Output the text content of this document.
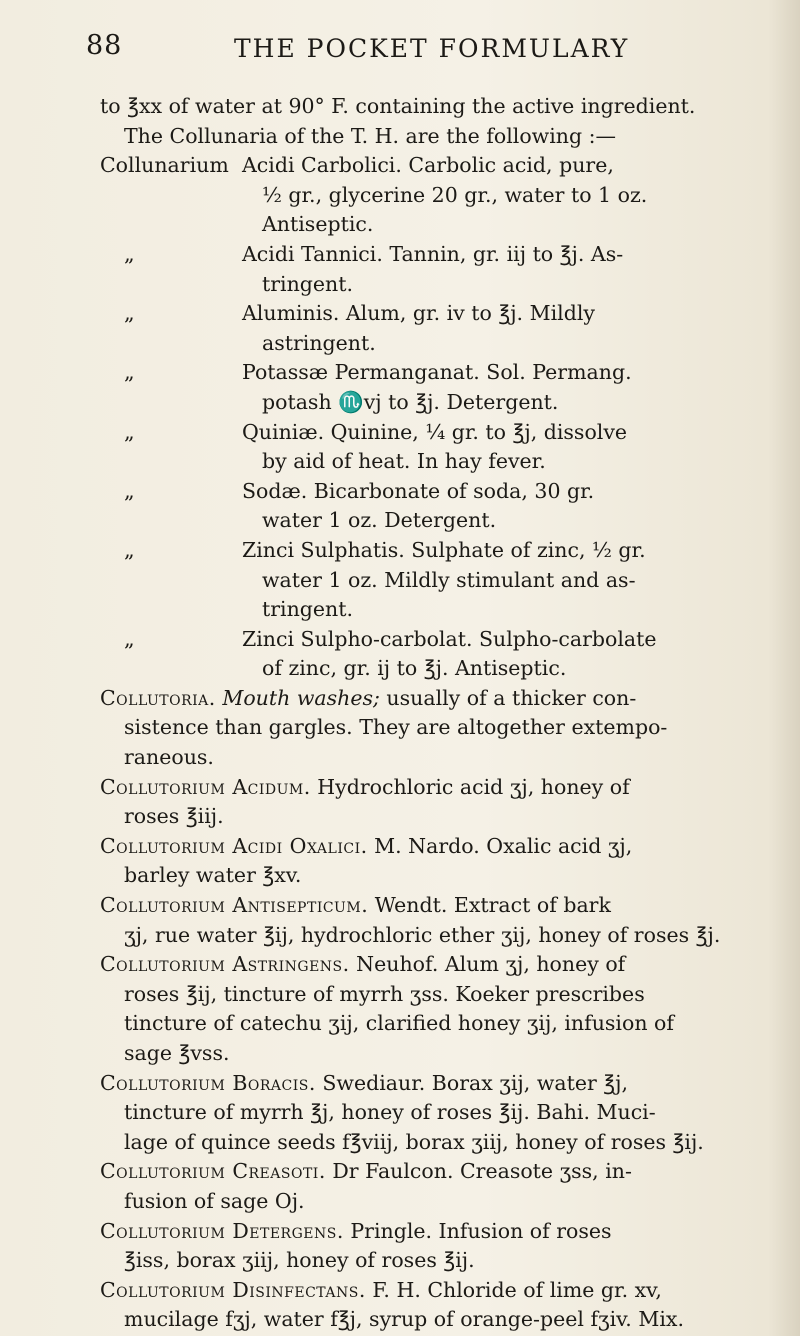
88	THE POCKET FORMULARY
to ℥xx of water at 90° F. containing the active ingredient.
The Collunaria of the T. H. are the following :—
Collunarium Acidi Carbolici. Carbolic acid, pure,
½ gr., glycerine 20 gr., water to 1 oz.
Antiseptic.
„	Acidi Tannici. Tannin, gr. iij to ℥j. As-
tringent.
„	Aluminis. Alum, gr. iv to ℥j. Mildly
astringent.
„	Potassæ Permanganat. Sol. Permang.
potash ♏vj to ℥j. Detergent.
„	Quiniæ. Quinine, ¼ gr. to ℥j, dissolve
by aid of heat. In hay fever.
„	Sodæ. Bicarbonate of soda, 30 gr.
water 1 oz. Detergent.
„	Zinci Sulphatis. Sulphate of zinc, ½ gr.
water 1 oz. Mildly stimulant and as-
tringent.
„	Zinci Sulpho-carbolat. Sulpho-carbolate
of zinc, gr. ij to ℥j. Antiseptic.
Collutoria. Mouth washes; usually of a thicker con-
sistence than gargles. They are altogether extempo-
raneous.
Collutorium Acidum. Hydrochloric acid ʒj, honey of
roses ℥iij.
Collutorium Acidi Oxalici. M. Nardo. Oxalic acid ʒj,
barley water ℥xv.
Collutorium Antisepticum. Wendt. Extract of bark
ʒj, rue water ℥ij, hydrochloric ether ʒij, honey of roses ℥j.
Collutorium Astringens. Neuhof. Alum ʒj, honey of
roses ℥ij, tincture of myrrh ʒss. Koeker prescribes
tincture of catechu ʒij, clarified honey ʒij, infusion of
sage ℥vss.
Collutorium Boracis. Swediaur. Borax ʒij, water ℥j,
tincture of myrrh ℥j, honey of roses ℥ij. Bahi. Muci-
lage of quince seeds f℥viij, borax ʒiij, honey of roses ℥ij.
Collutorium Creasoti. Dr Faulcon. Creasote ʒss, in-
fusion of sage Oj.
Collutorium Detergens. Pringle. Infusion of roses
℥iss, borax ʒiij, honey of roses ℥ij.
Collutorium Disinfectans. F. H. Chloride of lime gr. xv,
mucilage fʒj, water f℥j, syrup of orange-peel fʒiv. Mix.
